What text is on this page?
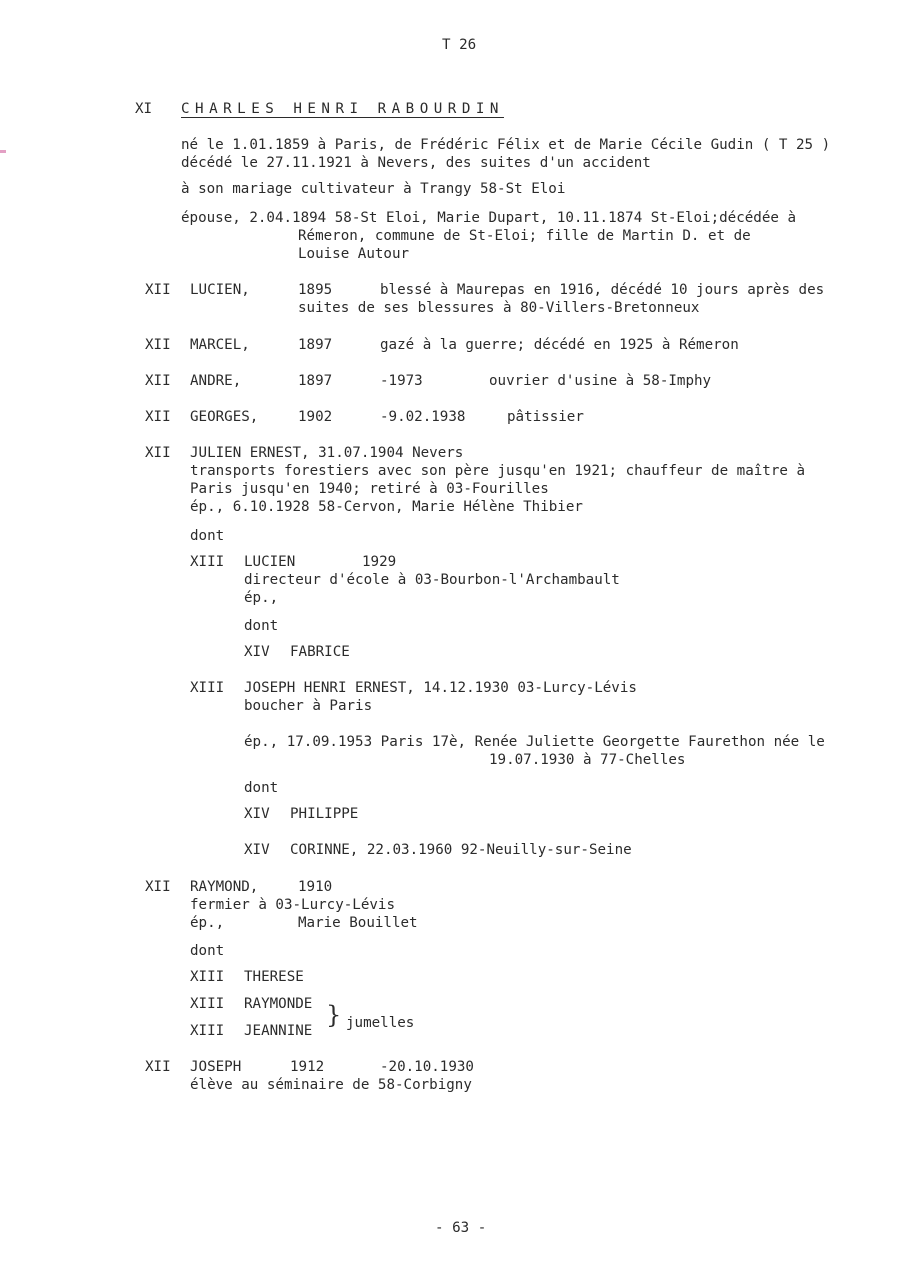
T 26
XI CHARLES HENRI RABOURDIN
né le 1.01.1859 à Paris, de Frédéric Félix et de Marie Cécile Gudin ( T 25 )
décédé le 27.11.1921 à Nevers, des suites d'un accident
à son mariage cultivateur à Trangy 58-St Eloi
épouse, 2.04.1894 58-St Eloi, Marie Dupart, 10.11.1874 St-Eloi;décédée à
Rémeron, commune de St-Eloi; fille de Martin D. et de
Louise Autour
XII LUCIEN,	1895	blessé à Maurepas en 1916, décédé 10 jours après des
suites de ses blessures à 80-Villers-Bretonneux
XII MARCEL,	1897	gazé à la guerre; décédé en 1925 à Rémeron
XII ANDRE,	1897	-1973	ouvrier d'usine à 58-Imphy
XII GEORGES,	1902	-9.02.1938	pâtissier
XII JULIEN ERNEST, 31.07.1904 Nevers
transports forestiers avec son père jusqu'en 1921; chauffeur de maître à
Paris jusqu'en 1940; retiré à 03-Fourilles
ép., 6.10.1928 58-Cervon, Marie Hélène Thibier
dont
XIII LUCIEN	1929
directeur d'école à 03-Bourbon-l'Archambault
ép.,
dont
XIV FABRICE
XIII JOSEPH HENRI ERNEST, 14.12.1930 03-Lurcy-Lévis
boucher à Paris
ép., 17.09.1953 Paris 17è, Renée Juliette Georgette Faurethon née le
19.07.1930 à 77-Chelles
dont
XIV PHILIPPE
XIV CORINNE, 22.03.1960 92-Neuilly-sur-Seine
XII RAYMOND,	1910
fermier à 03-Lurcy-Lévis
ép.,	Marie Bouillet
dont
XIII THERESE
XIII RAYMONDE
XIII JEANNINE
} jumelles
XII JOSEPH	1912	-20.10.1930
élève au séminaire de 58-Corbigny
- 63 -
